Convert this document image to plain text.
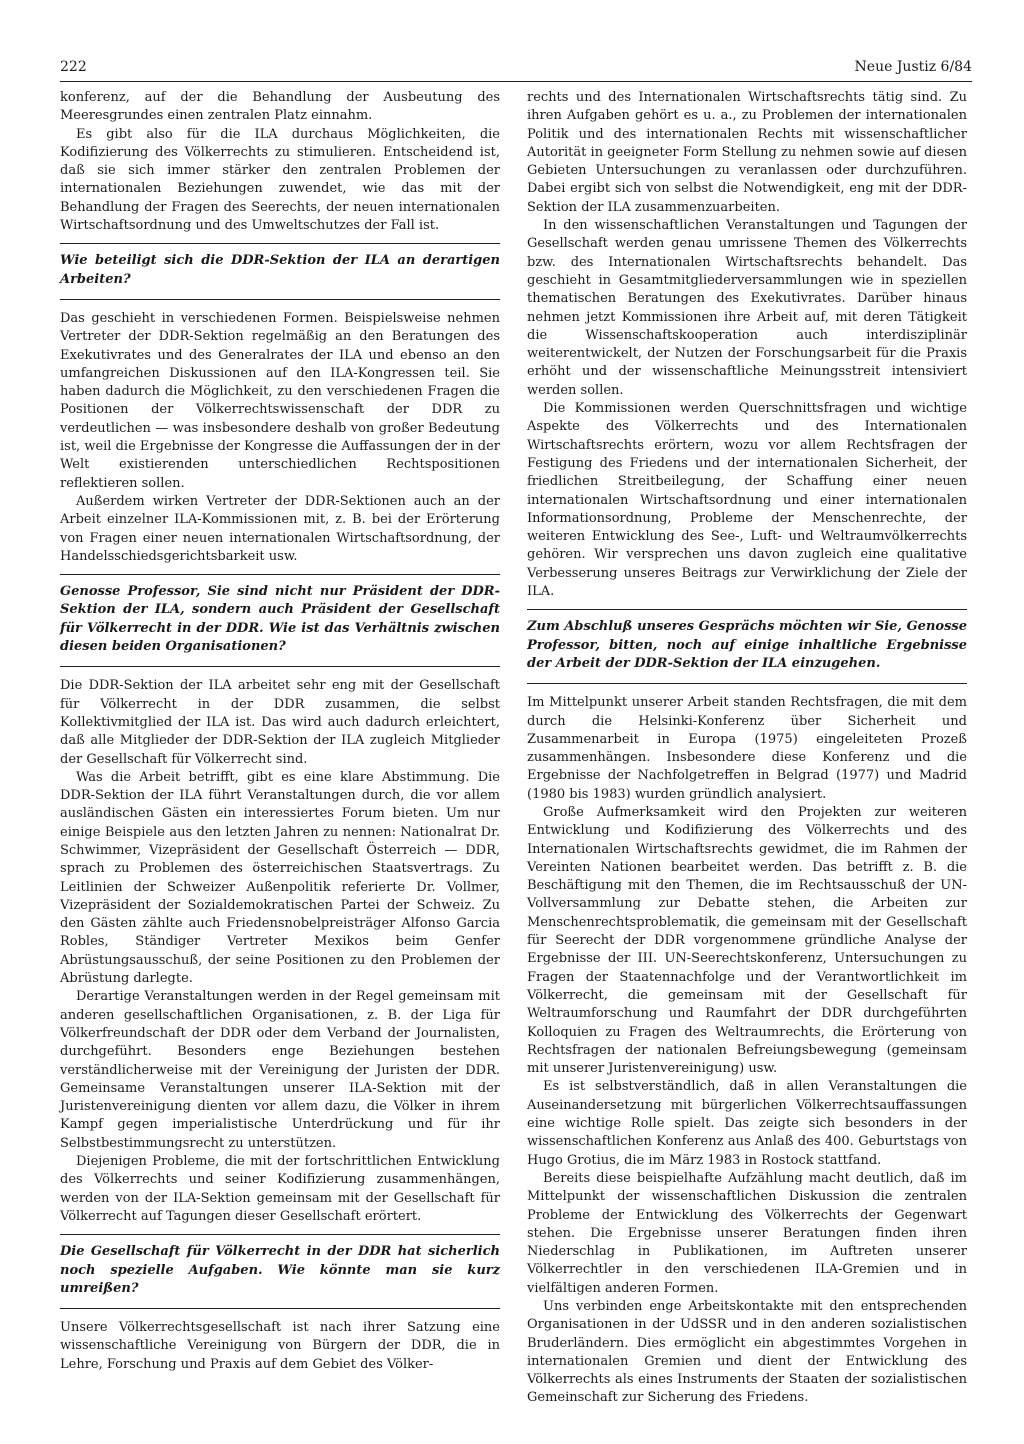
222	Neue Justiz 6/84

konferenz, auf der die Behandlung der Ausbeutung des Meeresgrundes einen zentralen Platz einnahm.

Es gibt also für die ILA durchaus Möglichkeiten, die Kodifizierung des Völkerrechts zu stimulieren. Entscheidend ist, daß sie sich immer stärker den zentralen Problemen der internationalen Beziehungen zuwendet, wie das mit der Behandlung der Fragen des Seerechts, der neuen internationalen Wirtschaftsordnung und des Umweltschutzes der Fall ist.

Wie beteiligt sich die DDR-Sektion der ILA an derartigen Arbeiten?

Das geschieht in verschiedenen Formen. Beispielsweise nehmen Vertreter der DDR-Sektion regelmäßig an den Beratungen des Exekutivrates und des Generalrates der ILA und ebenso an den umfangreichen Diskussionen auf den ILA-Kongressen teil. Sie haben dadurch die Möglichkeit, zu den verschiedenen Fragen die Positionen der Völkerrechtswissenschaft der DDR zu verdeutlichen — was insbesondere deshalb von großer Bedeutung ist, weil die Ergebnisse der Kongresse die Auffassungen der in der Welt existierenden unterschiedlichen Rechtspositionen reflektieren sollen.

Außerdem wirken Vertreter der DDR-Sektionen auch an der Arbeit einzelner ILA-Kommissionen mit, z. B. bei der Erörterung von Fragen einer neuen internationalen Wirtschaftsordnung, der Handelsschiedsgerichtsbarkeit usw.

Genosse Professor, Sie sind nicht nur Präsident der DDR-Sektion der ILA, sondern auch Präsident der Gesellschaft für Völkerrecht in der DDR. Wie ist das Verhältnis zwischen diesen beiden Organisationen?

Die DDR-Sektion der ILA arbeitet sehr eng mit der Gesellschaft für Völkerrecht in der DDR zusammen, die selbst Kollektivmitglied der ILA ist. Das wird auch dadurch erleichtert, daß alle Mitglieder der DDR-Sektion der ILA zugleich Mitglieder der Gesellschaft für Völkerrecht sind.

Was die Arbeit betrifft, gibt es eine klare Abstimmung. Die DDR-Sektion der ILA führt Veranstaltungen durch, die vor allem ausländischen Gästen ein interessiertes Forum bieten. Um nur einige Beispiele aus den letzten Jahren zu nennen: Nationalrat Dr. Schwimmer, Vizepräsident der Gesellschaft Österreich — DDR, sprach zu Problemen des österreichischen Staatsvertrags. Zu Leitlinien der Schweizer Außenpolitik referierte Dr. Vollmer, Vizepräsident der Sozialdemokratischen Partei der Schweiz. Zu den Gästen zählte auch Friedensnobelpreisträger Alfonso Garcia Robles, Ständiger Vertreter Mexikos beim Genfer Abrüstungsausschuß, der seine Positionen zu den Problemen der Abrüstung darlegte.

Derartige Veranstaltungen werden in der Regel gemeinsam mit anderen gesellschaftlichen Organisationen, z. B. der Liga für Völkerfreundschaft der DDR oder dem Verband der Journalisten, durchgeführt. Besonders enge Beziehungen bestehen verständlicherweise mit der Vereinigung der Juristen der DDR. Gemeinsame Veranstaltungen unserer ILA-Sektion mit der Juristenvereinigung dienten vor allem dazu, die Völker in ihrem Kampf gegen imperialistische Unterdrückung und für ihr Selbstbestimmungsrecht zu unterstützen.

Diejenigen Probleme, die mit der fortschrittlichen Entwicklung des Völkerrechts und seiner Kodifizierung zusammenhängen, werden von der ILA-Sektion gemeinsam mit der Gesellschaft für Völkerrecht auf Tagungen dieser Gesellschaft erörtert.

Die Gesellschaft für Völkerrecht in der DDR hat sicherlich noch spezielle Aufgaben. Wie könnte man sie kurz umreißen?

Unsere Völkerrechtsgesellschaft ist nach ihrer Satzung eine wissenschaftliche Vereinigung von Bürgern der DDR, die in Lehre, Forschung und Praxis auf dem Gebiet des Völker-

rechts und des Internationalen Wirtschaftsrechts tätig sind. Zu ihren Aufgaben gehört es u. a., zu Problemen der internationalen Politik und des internationalen Rechts mit wissenschaftlicher Autorität in geeigneter Form Stellung zu nehmen sowie auf diesen Gebieten Untersuchungen zu veranlassen oder durchzuführen. Dabei ergibt sich von selbst die Notwendigkeit, eng mit der DDR-Sektion der ILA zusammenzuarbeiten.

In den wissenschaftlichen Veranstaltungen und Tagungen der Gesellschaft werden genau umrissene Themen des Völkerrechts bzw. des Internationalen Wirtschaftsrechts behandelt. Das geschieht in Gesamtmitgliederversammlungen wie in speziellen thematischen Beratungen des Exekutivrates. Darüber hinaus nehmen jetzt Kommissionen ihre Arbeit auf, mit deren Tätigkeit die Wissenschaftskooperation auch interdisziplinär weiterentwickelt, der Nutzen der Forschungsarbeit für die Praxis erhöht und der wissenschaftliche Meinungsstreit intensiviert werden sollen.

Die Kommissionen werden Querschnittsfragen und wichtige Aspekte des Völkerrechts und des Internationalen Wirtschaftsrechts erörtern, wozu vor allem Rechtsfragen der Festigung des Friedens und der internationalen Sicherheit, der friedlichen Streitbeilegung, der Schaffung einer neuen internationalen Wirtschaftsordnung und einer internationalen Informationsordnung, Probleme der Menschenrechte, der weiteren Entwicklung des See-, Luft- und Weltraumvölkerrechts gehören. Wir versprechen uns davon zugleich eine qualitative Verbesserung unseres Beitrags zur Verwirklichung der Ziele der ILA.

Zum Abschluß unseres Gesprächs möchten wir Sie, Genosse Professor, bitten, noch auf einige inhaltliche Ergebnisse der Arbeit der DDR-Sektion der ILA einzugehen.

Im Mittelpunkt unserer Arbeit standen Rechtsfragen, die mit dem durch die Helsinki-Konferenz über Sicherheit und Zusammenarbeit in Europa (1975) eingeleiteten Prozeß zusammenhängen. Insbesondere diese Konferenz und die Ergebnisse der Nachfolgetreffen in Belgrad (1977) und Madrid (1980 bis 1983) wurden gründlich analysiert.

Große Aufmerksamkeit wird den Projekten zur weiteren Entwicklung und Kodifizierung des Völkerrechts und des Internationalen Wirtschaftsrechts gewidmet, die im Rahmen der Vereinten Nationen bearbeitet werden. Das betrifft z. B. die Beschäftigung mit den Themen, die im Rechtsausschuß der UN-Vollversammlung zur Debatte stehen, die Arbeiten zur Menschenrechtsproblematik, die gemeinsam mit der Gesellschaft für Seerecht der DDR vorgenommene gründliche Analyse der Ergebnisse der III. UN-Seerechtskonferenz, Untersuchungen zu Fragen der Staatennachfolge und der Verantwortlichkeit im Völkerrecht, die gemeinsam mit der Gesellschaft für Weltraumforschung und Raumfahrt der DDR durchgeführten Kolloquien zu Fragen des Weltraumrechts, die Erörterung von Rechtsfragen der nationalen Befreiungsbewegung (gemeinsam mit unserer Juristenvereinigung) usw.

Es ist selbstverständlich, daß in allen Veranstaltungen die Auseinandersetzung mit bürgerlichen Völkerrechtsauffassungen eine wichtige Rolle spielt. Das zeigte sich besonders in der wissenschaftlichen Konferenz aus Anlaß des 400. Geburtstags von Hugo Grotius, die im März 1983 in Rostock stattfand.

Bereits diese beispielhafte Aufzählung macht deutlich, daß im Mittelpunkt der wissenschaftlichen Diskussion die zentralen Probleme der Entwicklung des Völkerrechts der Gegenwart stehen. Die Ergebnisse unserer Beratungen finden ihren Niederschlag in Publikationen, im Auftreten unserer Völkerrechtler in den verschiedenen ILA-Gremien und in vielfältigen anderen Formen.

Uns verbinden enge Arbeitskontakte mit den entsprechenden Organisationen in der UdSSR und in den anderen sozialistischen Bruderländern. Dies ermöglicht ein abgestimmtes Vorgehen in internationalen Gremien und dient der Entwicklung des Völkerrechts als eines Instruments der Staaten der sozialistischen Gemeinschaft zur Sicherung des Friedens.
